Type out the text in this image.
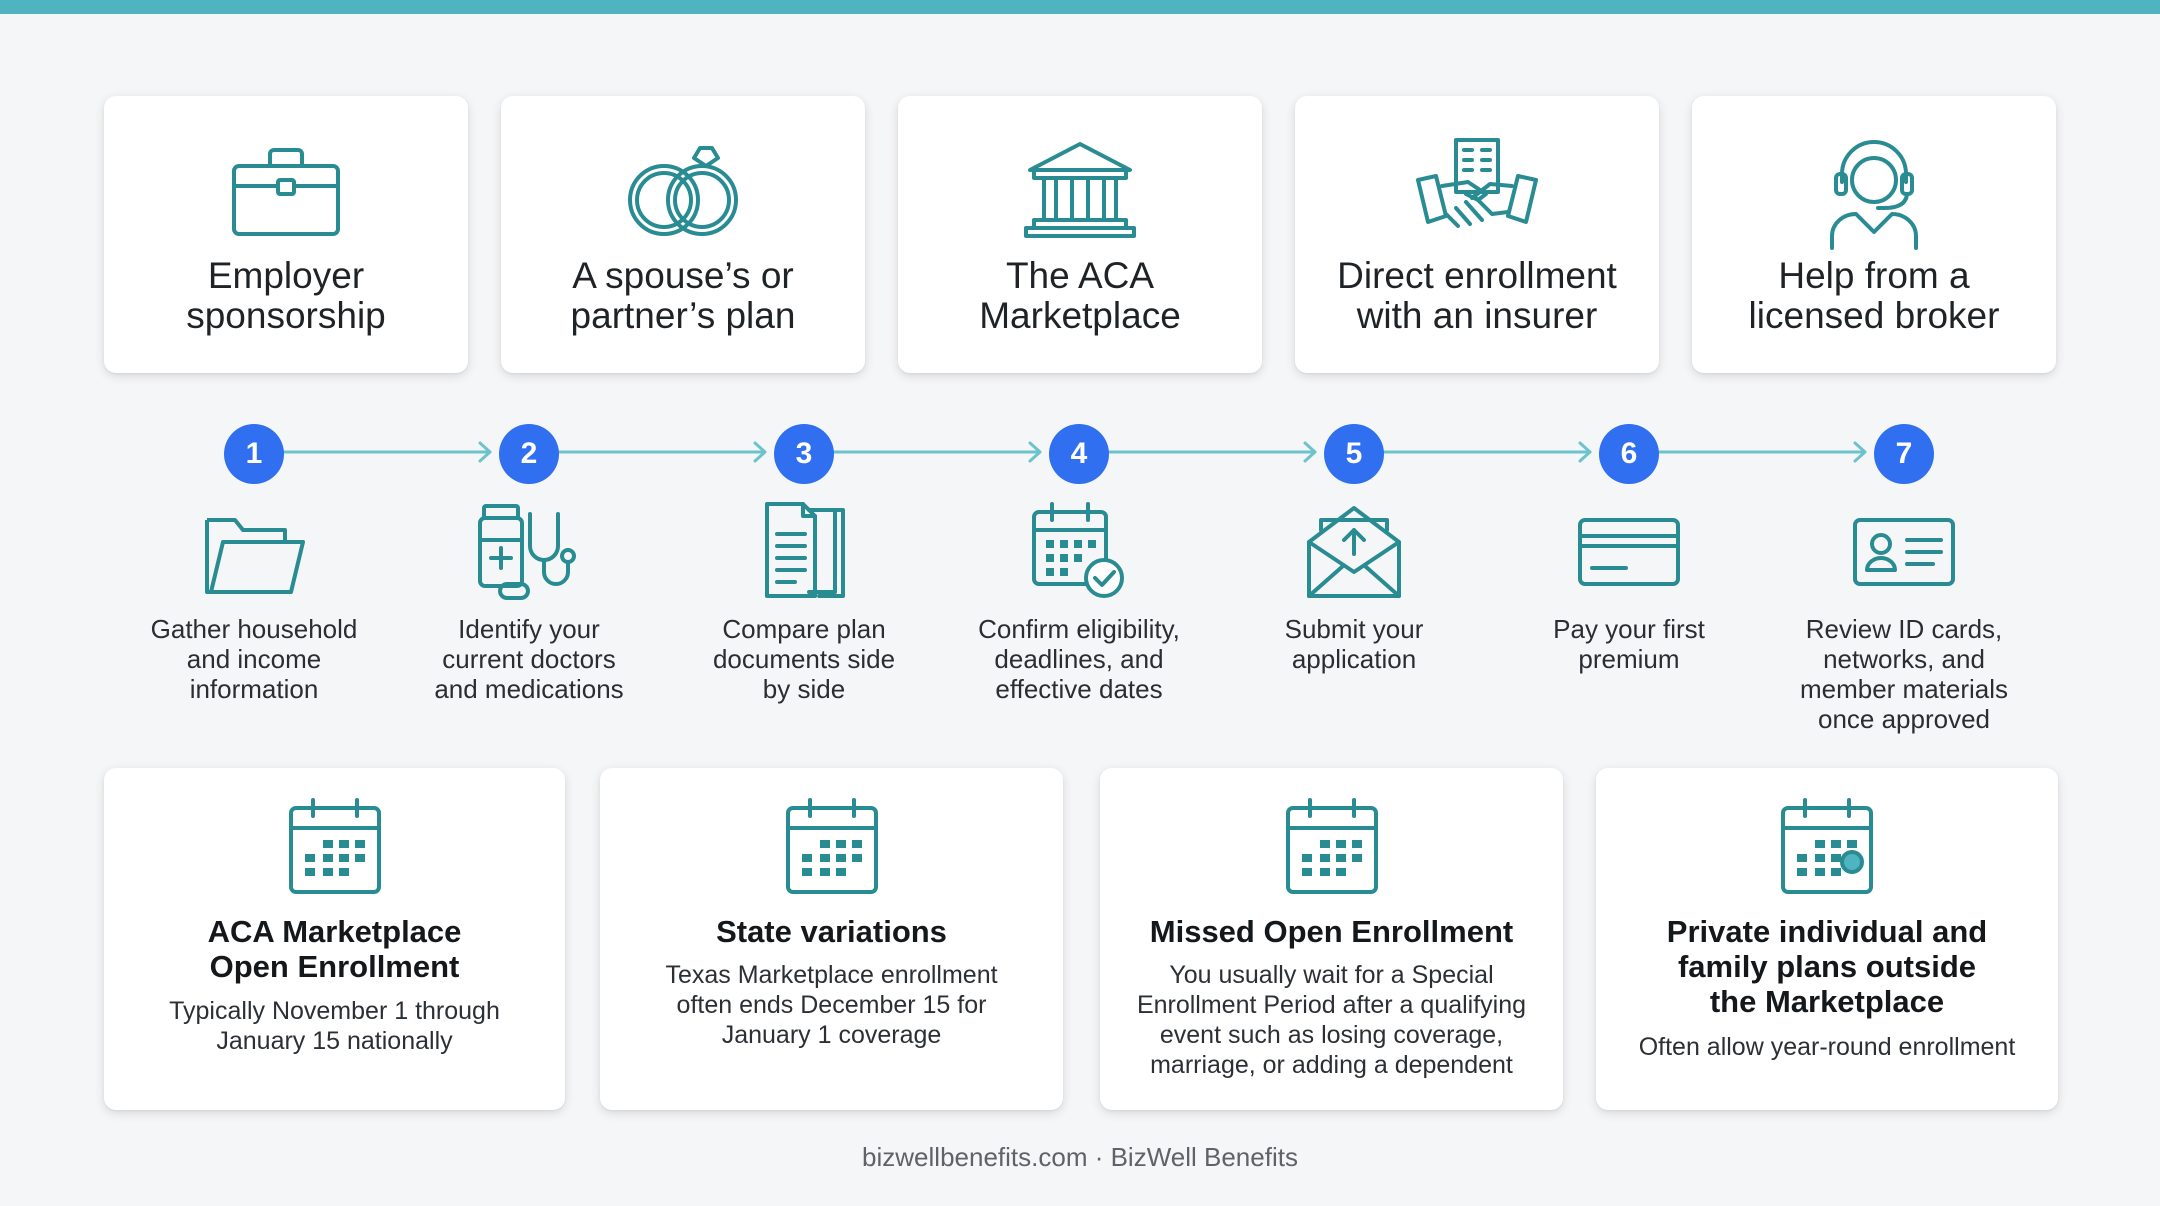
Employer
sponsorship
A spouse’s or
partner’s plan
The ACA
Marketplace
Direct enrollment
with an insurer
Help from a
licensed broker
1	2	3	4	5	6	7
Gather household
and income
information
Identify your
current doctors
and medications
Compare plan
documents side
by side
Confirm eligibility,
deadlines, and
effective dates
Submit your
application
Pay your first
premium
Review ID cards,
networks, and
member materials
once approved
ACA Marketplace
Open Enrollment
Typically November 1 through
January 15 nationally
State variations
Texas Marketplace enrollment
often ends December 15 for
January 1 coverage
Missed Open Enrollment
You usually wait for a Special
Enrollment Period after a qualifying
event such as losing coverage,
marriage, or adding a dependent
Private individual and
family plans outside
the Marketplace
Often allow year-round enrollment
bizwellbenefits.com · BizWell Benefits
